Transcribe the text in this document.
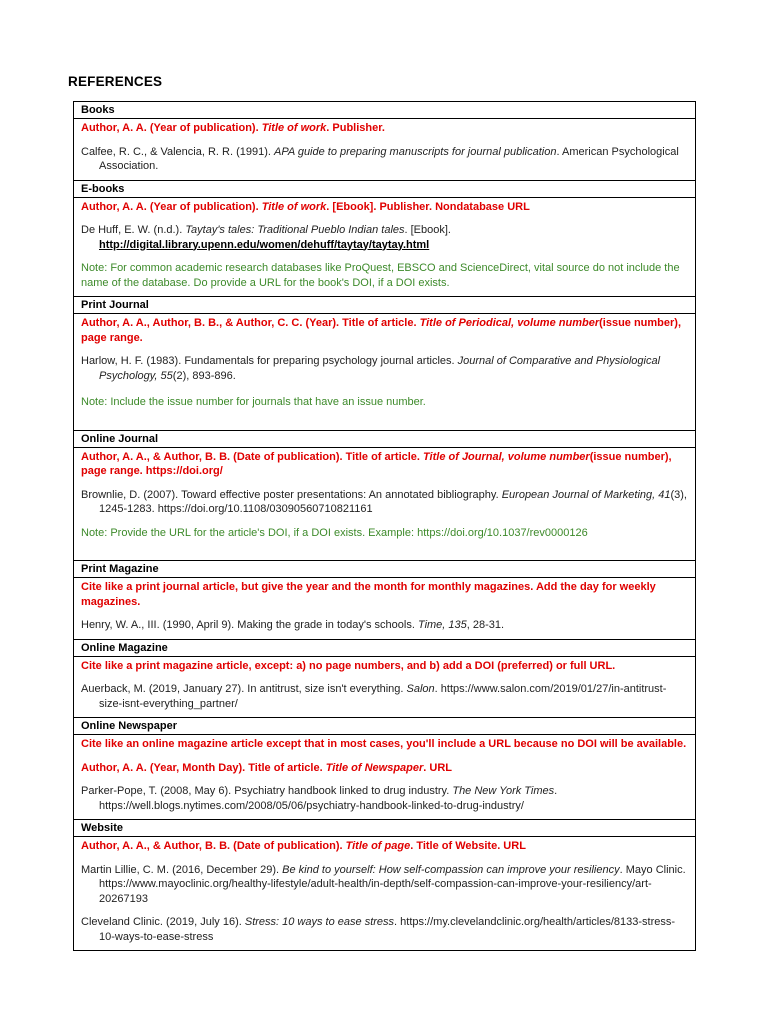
REFERENCES
Books

Author, A. A. (Year of publication). Title of work. Publisher.

Calfee, R. C., & Valencia, R. R. (1991). APA guide to preparing manuscripts for journal publication. American Psychological Association.

E-books

Author, A. A. (Year of publication). Title of work. [Ebook]. Publisher. Nondatabase URL

De Huff, E. W. (n.d.). Taytay's tales: Traditional Pueblo Indian tales. [Ebook]. http://digital.library.upenn.edu/women/dehuff/taytay/taytay.html

Note: For common academic research databases like ProQuest, EBSCO and ScienceDirect, vital source do not include the name of the database. Do provide a URL for the book's DOI, if a DOI exists.

Print Journal

Author, A. A., Author, B. B., & Author, C. C. (Year). Title of article. Title of Periodical, volume number(issue number), page range.

Harlow, H. F. (1983). Fundamentals for preparing psychology journal articles. Journal of Comparative and Physiological Psychology, 55(2), 893-896.

Note: Include the issue number for journals that have an issue number.

Online Journal

Author, A. A., & Author, B. B. (Date of publication). Title of article. Title of Journal, volume number(issue number), page range. https://doi.org/

Brownlie, D. (2007). Toward effective poster presentations: An annotated bibliography. European Journal of Marketing, 41(3), 1245-1283. https://doi.org/10.1108/03090560710821161

Note: Provide the URL for the article's DOI, if a DOI exists. Example: https://doi.org/10.1037/rev0000126

Print Magazine

Cite like a print journal article, but give the year and the month for monthly magazines. Add the day for weekly magazines.

Henry, W. A., III. (1990, April 9). Making the grade in today's schools. Time, 135, 28-31.

Online Magazine

Cite like a print magazine article, except: a) no page numbers, and b) add a DOI (preferred) or full URL.

Auerback, M. (2019, January 27). In antitrust, size isn't everything. Salon. https://www.salon.com/2019/01/27/in-antitrust-size-isnt-everything_partner/

Online Newspaper

Cite like an online magazine article except that in most cases, you'll include a URL because no DOI will be available.

Author, A. A. (Year, Month Day). Title of article. Title of Newspaper. URL

Parker-Pope, T. (2008, May 6). Psychiatry handbook linked to drug industry. The New York Times. https://well.blogs.nytimes.com/2008/05/06/psychiatry-handbook-linked-to-drug-industry/

Website

Author, A. A., & Author, B. B. (Date of publication). Title of page. Title of Website. URL

Martin Lillie, C. M. (2016, December 29). Be kind to yourself: How self-compassion can improve your resiliency. Mayo Clinic. https://www.mayoclinic.org/healthy-lifestyle/adult-health/in-depth/self-compassion-can-improve-your-resiliency/art-20267193

Cleveland Clinic. (2019, July 16). Stress: 10 ways to ease stress. https://my.clevelandclinic.org/health/articles/8133-stress-10-ways-to-ease-stress
